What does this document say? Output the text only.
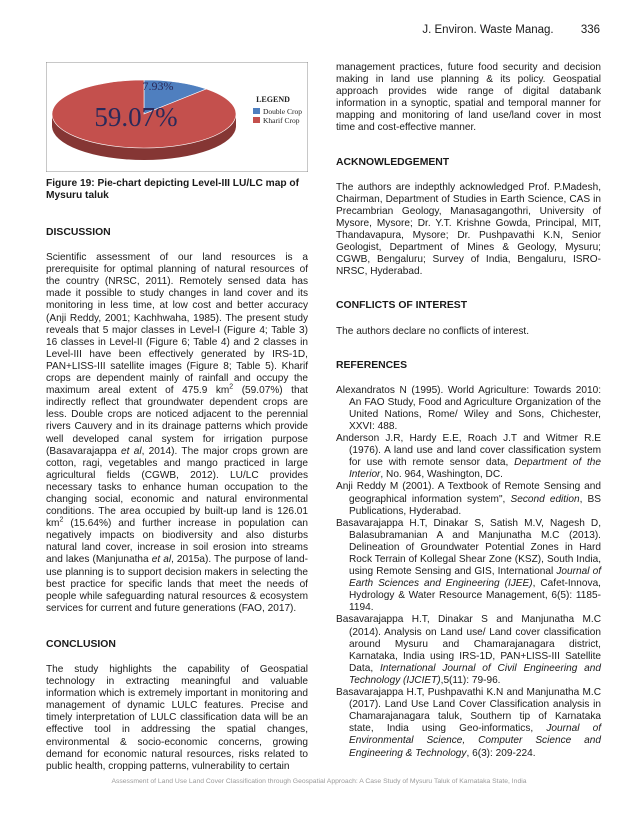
J. Environ. Waste Manag. 336
7.93%
59.07%
LEGEND
Double Crop
Kharif Crop

Figure 19: Pie-chart depicting Level-III LU/LC map of Mysuru taluk

DISCUSSION

Scientific assessment of our land resources is a prerequisite for optimal planning of natural resources of the country (NRSC, 2011). Remotely sensed data has made it possible to study changes in land cover and its monitoring in less time, at low cost and better accuracy (Anji Reddy, 2001; Kachhwaha, 1985). The present study reveals that 5 major classes in Level-I (Figure 4; Table 3) 16 classes in Level-II (Figure 6; Table 4) and 2 classes in Level-III have been effectively generated by IRS-1D, PAN+LISS-III satellite images (Figure 8; Table 5). Kharif crops are dependent mainly of rainfall and occupy the maximum areal extent of 475.9 $km^2$ (59.07%) that indirectly reflect that groundwater dependent crops are less. Double crops are noticed adjacent to the perennial rivers Cauvery and in its drainage patterns which provide well developed canal system for irrigation purpose (Basavarajappa et al, 2014). The major crops grown are cotton, ragi, vegetables and mango practiced in large agricultural fields (CGWB, 2012). LU/LC provides necessary tasks to enhance human occupation to the changing social, economic and natural environmental conditions. The area occupied by built-up land is 126.01 $km^2$ (15.64%) and further increase in population can negatively impacts on biodiversity and also disturbs natural land cover, increase in soil erosion into streams and lakes (Manjunatha et al, 2015a). The purpose of land-use planning is to support decision makers in selecting the best practice for specific lands that meet the needs of people while safeguarding natural resources & ecosystem services for current and future generations (FAO, 2017).

CONCLUSION

The study highlights the capability of Geospatial technology in extracting meaningful and valuable information which is extremely important in monitoring and management of dynamic LULC features. Precise and timely interpretation of LULC classification data will be an effective tool in addressing the spatial changes, environmental & socio-economic concerns, growing demand for economic natural resources, risks related to public health, cropping patterns, vulnerability to certain

management practices, future food security and decision making in land use planning & its policy. Geospatial approach provides wide range of digital databank information in a synoptic, spatial and temporal manner for mapping and monitoring of land use/land cover in most time and cost-effective manner.

ACKNOWLEDGEMENT

The authors are indepthly acknowledged Prof. P.Madesh, Chairman, Department of Studies in Earth Science, CAS in Precambrian Geology, Manasagangothri, University of Mysore, Mysore; Dr. Y.T. Krishne Gowda, Principal, MIT, Thandavapura, Mysore; Dr. Pushpavathi K.N, Senior Geologist, Department of Mines & Geology, Mysuru; CGWB, Bengaluru; Survey of India, Bengaluru, ISRO-NRSC, Hyderabad.

CONFLICTS OF INTEREST

The authors declare no conflicts of interest.

REFERENCES

Alexandratos N (1995). World Agriculture: Towards 2010: An FAO Study, Food and Agriculture Organization of the United Nations, Rome/ Wiley and Sons, Chichester, XXVI: 488.

Anderson J.R, Hardy E.E, Roach J.T and Witmer R.E (1976). A land use and land cover classification system for use with remote sensor data, Department of the Interior, No. 964, Washington, DC.

Anji Reddy M (2001). A Textbook of Remote Sensing and geographical information system", Second edition, BS Publications, Hyderabad.

Basavarajappa H.T, Dinakar S, Satish M.V, Nagesh D, Balasubramanian A and Manjunatha M.C (2013). Delineation of Groundwater Potential Zones in Hard Rock Terrain of Kollegal Shear Zone (KSZ), South India, using Remote Sensing and GIS, International Journal of Earth Sciences and Engineering (IJEE), Cafet-Innova, Hydrology & Water Resource Management, 6(5): 1185-1194.

Basavarajappa H.T, Dinakar S and Manjunatha M.C (2014). Analysis on Land use/ Land cover classification around Mysuru and Chamarajanagara district, Karnataka, India using IRS-1D, PAN+LISS-III Satellite Data, International Journal of Civil Engineering and Technology (IJCIET),5(11): 79-96.

Basavarajappa H.T, Pushpavathi K.N and Manjunatha M.C (2017). Land Use Land Cover Classification analysis in Chamarajanagara taluk, Southern tip of Karnataka state, India using Geo-informatics, Journal of Environmental Science, Computer Science and Engineering & Technology, 6(3): 209-224.

Assessment of Land Use Land Cover Classification through Geospatial Approach: A Case Study of Mysuru Taluk of Karnataka State, India
